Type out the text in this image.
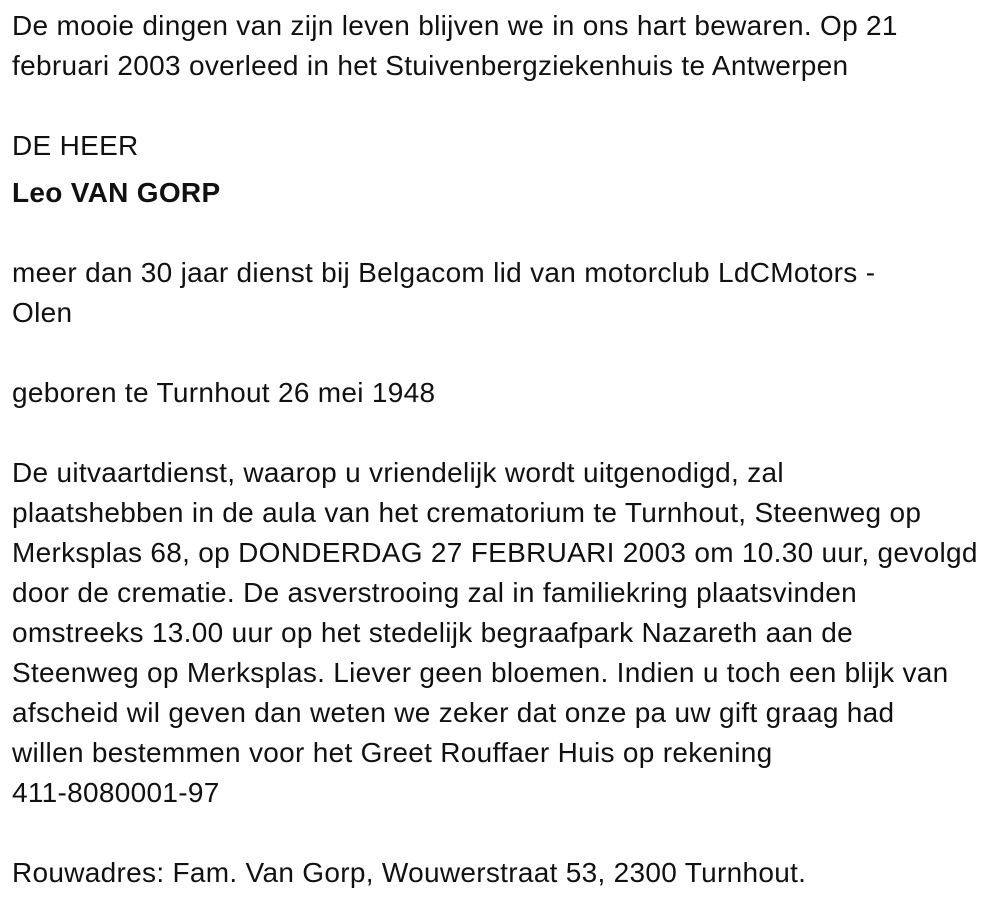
De mooie dingen van zijn leven blijven we in ons hart bewaren. Op 21
februari 2003 overleed in het Stuivenbergziekenhuis te Antwerpen
DE HEER
Leo VAN GORP
meer dan 30 jaar dienst bij Belgacom lid van motorclub LdCMotors -
Olen
geboren te Turnhout 26 mei 1948
De uitvaartdienst, waarop u vriendelijk wordt uitgenodigd, zal
plaatshebben in de aula van het crematorium te Turnhout, Steenweg op
Merksplas 68, op DONDERDAG 27 FEBRUARI 2003 om 10.30 uur, gevolgd
door de crematie. De asverstrooing zal in familiekring plaatsvinden
omstreeks 13.00 uur op het stedelijk begraafpark Nazareth aan de
Steenweg op Merksplas. Liever geen bloemen. Indien u toch een blijk van
afscheid wil geven dan weten we zeker dat onze pa uw gift graag had
willen bestemmen voor het Greet Rouffaer Huis op rekening
411-8080001-97
Rouwadres: Fam. Van Gorp, Wouwerstraat 53, 2300 Turnhout.
